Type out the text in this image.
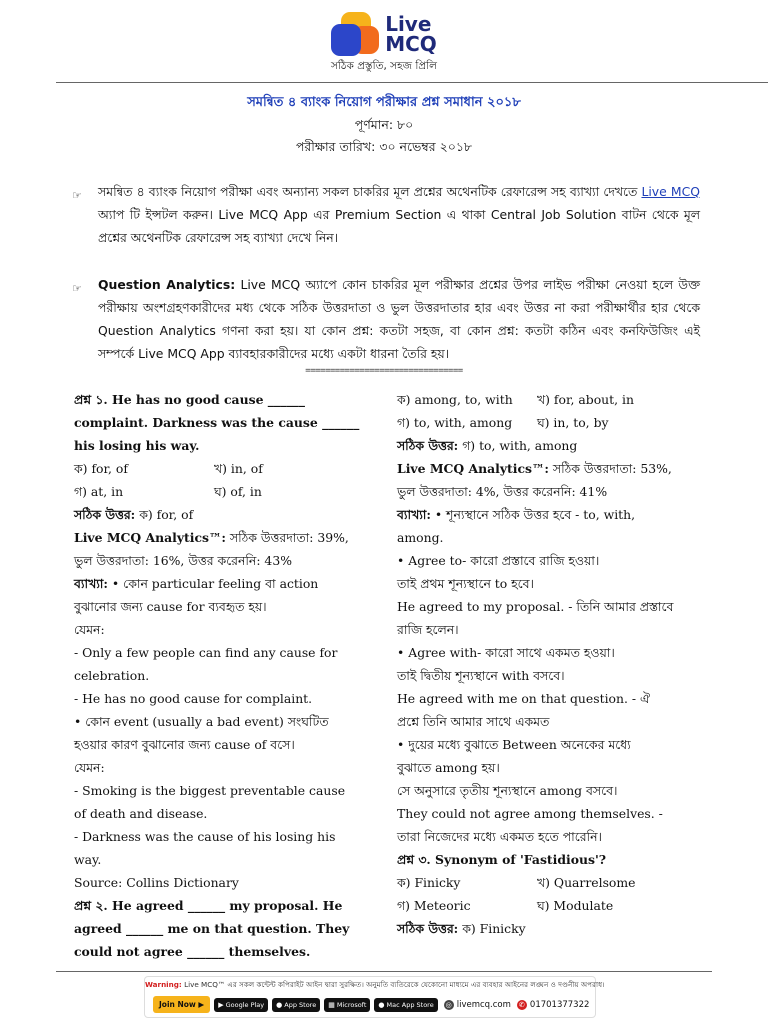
Live
MCQ
সঠিক প্রস্তুতি, সহজ প্রিলি
সমন্বিত ৪ ব্যাংক নিয়োগ পরীক্ষার প্রশ্ন সমাধান ২০১৮
পূর্ণমান: ৮০
পরীক্ষার তারিখ: ৩০ নভেম্বর ২০১৮
☞	সমন্বিত ৪ ব্যাংক নিয়োগ পরীক্ষা এবং অন্যান্য সকল চাকরির মূল প্রশ্নের অথেনটিক রেফারেন্স সহ ব্যাখ্যা দেখতে Live MCQ অ্যাপ টি ইন্সটল করুন। Live MCQ App এর Premium Section এ থাকা Central Job Solution বাটন থেকে মূল প্রশ্নের অথেনটিক রেফারেন্স সহ ব্যাখ্যা দেখে নিন।
☞	Question Analytics: Live MCQ অ্যাপে কোন চাকরির মূল পরীক্ষার প্রশ্নের উপর লাইভ পরীক্ষা নেওয়া হলে উক্ত পরীক্ষায় অংশগ্রহণকারীদের মধ্য থেকে সঠিক উত্তরদাতা ও ভুল উত্তরদাতার হার এবং উত্তর না করা পরীক্ষার্থীর হার থেকে Question Analytics গণনা করা হয়। যা কোন প্রশ্ন: কতটা সহজ, বা কোন প্রশ্ন: কতটা কঠিন এবং কনফিউজিং এই সম্পর্কে Live MCQ App ব্যাবহারকারীদের মধ্যে একটা ধারনা তৈরি হয়।
================================
প্রশ্ন ১. He has no good cause ______
complaint. Darkness was the cause ______
his losing his way.
ক) for, of	খ) in, of
গ) at, in	ঘ) of, in
সঠিক উত্তর: ক) for, of
Live MCQ Analytics™: সঠিক উত্তরদাতা: 39%,
ভুল উত্তরদাতা: 16%, উত্তর করেননি: 43%
ব্যাখ্যা: • কোন particular feeling বা action
বুঝানোর জন্য cause for ব্যবহৃত হয়।
যেমন:
- Only a few people can find any cause for
celebration.
- He has no good cause for complaint.
• কোন event (usually a bad event) সংঘটিত
হওয়ার কারণ বুঝানোর জন্য cause of বসে।
যেমন:
- Smoking is the biggest preventable cause
of death and disease.
- Darkness was the cause of his losing his
way.
Source: Collins Dictionary
প্রশ্ন ২. He agreed ______ my proposal. He
agreed ______ me on that question. They
could not agree ______ themselves.
ক) among, to, with খ) for, about, in
গ) to, with, among ঘ) in, to, by
সঠিক উত্তর: গ) to, with, among
Live MCQ Analytics™: সঠিক উত্তরদাতা: 53%,
ভুল উত্তরদাতা: 4%, উত্তর করেননি: 41%
ব্যাখ্যা: • শূন্যস্থানে সঠিক উত্তর হবে - to, with,
among.
• Agree to- কারো প্রস্তাবে রাজি হওয়া।
তাই প্রথম শূন্যস্থানে to হবে।
He agreed to my proposal. - তিনি আমার প্রস্তাবে
রাজি হলেন।
• Agree with- কারো সাথে একমত হওয়া।
তাই দ্বিতীয় শূন্যস্থানে with বসবে।
He agreed with me on that question. - ঐ
প্রশ্নে তিনি আমার সাথে একমত
• দুয়ের মধ্যে বুঝাতে Between অনেকের মধ্যে
বুঝাতে among হয়।
সে অনুসারে তৃতীয় শূন্যস্থানে among বসবে।
They could not agree among themselves. -
তারা নিজেদের মধ্যে একমত হতে পারেনি।
প্রশ্ন ৩. Synonym of 'Fastidious'?
ক) Finicky	খ) Quarrelsome
গ) Meteoric	ঘ) Modulate
সঠিক উত্তর: ক) Finicky
Warning: Live MCQ™ এর সকল কন্টেন্ট কপিরাইট আইন দ্বারা সুরক্ষিত। অনুমতি ব্যতিরেকে যেকোনো মাধ্যমে এর ব্যবহার আইনের লঙ্ঘন ও দণ্ডনীয় অপরাধ।
Join Now ▶	▶ Google Play ● App Store ▦ Microsoft ● Mac App Store ◎ livemcq.com ✆ 01701377322
